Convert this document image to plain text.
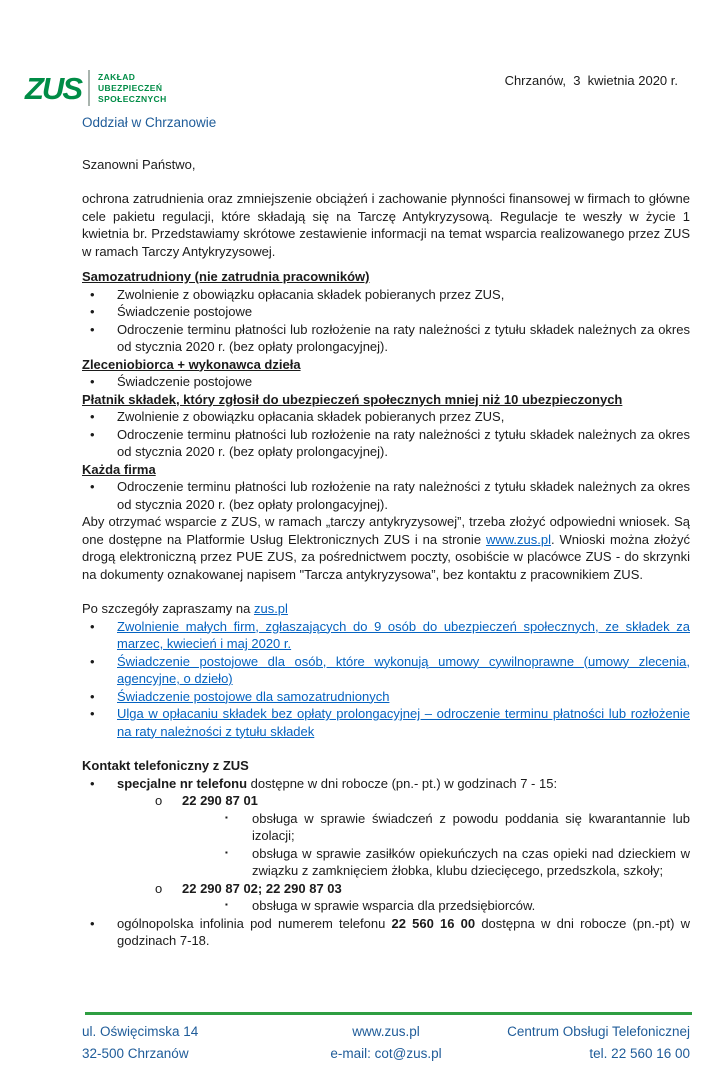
ZUS	ZAKŁAD
UBEZPIECZEŃ
SPOŁECZNYCH
Oddział w Chrzanowie
Chrzanów,  3  kwietnia 2020 r.
Szanowni Państwo,
ochrona zatrudnienia oraz zmniejszenie obciążeń i zachowanie płynności finansowej w firmach to główne cele pakietu regulacji, które składają się na Tarczę Antykryzysową. Regulacje te weszły w życie 1 kwietnia br. Przedstawiamy skrótowe zestawienie informacji na temat wsparcia realizowanego przez ZUS w ramach Tarczy Antykryzysowej.
Samozatrudniony (nie zatrudnia pracowników)
• Zwolnienie z obowiązku opłacania składek pobieranych przez ZUS,
• Świadczenie postojowe
• Odroczenie terminu płatności lub rozłożenie na raty należności z tytułu składek należnych za okres od stycznia 2020 r. (bez opłaty prolongacyjnej).
Zleceniobiorca + wykonawca dzieła
• Świadczenie postojowe
Płatnik składek, który zgłosił do ubezpieczeń społecznych mniej niż 10 ubezpieczonych
• Zwolnienie z obowiązku opłacania składek pobieranych przez ZUS,
• Odroczenie terminu płatności lub rozłożenie na raty należności z tytułu składek należnych za okres od stycznia 2020 r. (bez opłaty prolongacyjnej).
Każda firma
• Odroczenie terminu płatności lub rozłożenie na raty należności z tytułu składek należnych za okres od stycznia 2020 r. (bez opłaty prolongacyjnej).
Aby otrzymać wsparcie z ZUS, w ramach „tarczy antykryzysowej”, trzeba złożyć odpowiedni wniosek. Są one dostępne na Platformie Usług Elektronicznych ZUS i na stronie www.zus.pl. Wnioski można złożyć drogą elektroniczną przez PUE ZUS, za pośrednictwem poczty, osobiście w placówce ZUS - do skrzynki na dokumenty oznakowanej napisem "Tarcza antykryzysowa”, bez kontaktu z pracownikiem ZUS.
Po szczegóły zapraszamy na zus.pl
• Zwolnienie małych firm, zgłaszających do 9 osób do ubezpieczeń społecznych, ze składek za marzec, kwiecień i maj 2020 r.
• Świadczenie postojowe dla osób, które wykonują umowy cywilnoprawne (umowy zlecenia, agencyjne, o dzieło)
• Świadczenie postojowe dla samozatrudnionych
• Ulga w opłacaniu składek bez opłaty prolongacyjnej – odroczenie terminu płatności lub rozłożenie na raty należności z tytułu składek
Kontakt telefoniczny z ZUS
• specjalne nr telefonu dostępne w dni robocze (pn.- pt.) w godzinach 7 - 15:
o 22 290 87 01
▪ obsługa w sprawie świadczeń z powodu poddania się kwarantannie lub izolacji;
▪ obsługa w sprawie zasiłków opiekuńczych na czas opieki nad dzieckiem w związku z zamknięciem żłobka, klubu dziecięcego, przedszkola, szkoły;
o 22 290 87 02; 22 290 87 03
▪ obsługa w sprawie wsparcia dla przedsiębiorców.
• ogólnopolska infolinia pod numerem telefonu 22 560 16 00 dostępna w dni robocze (pn.-pt) w godzinach 7-18.
ul. Oświęcimska 14
32-500 Chrzanów
www.zus.pl
e-mail: cot@zus.pl
Centrum Obsługi Telefonicznej
tel. 22 560 16 00
